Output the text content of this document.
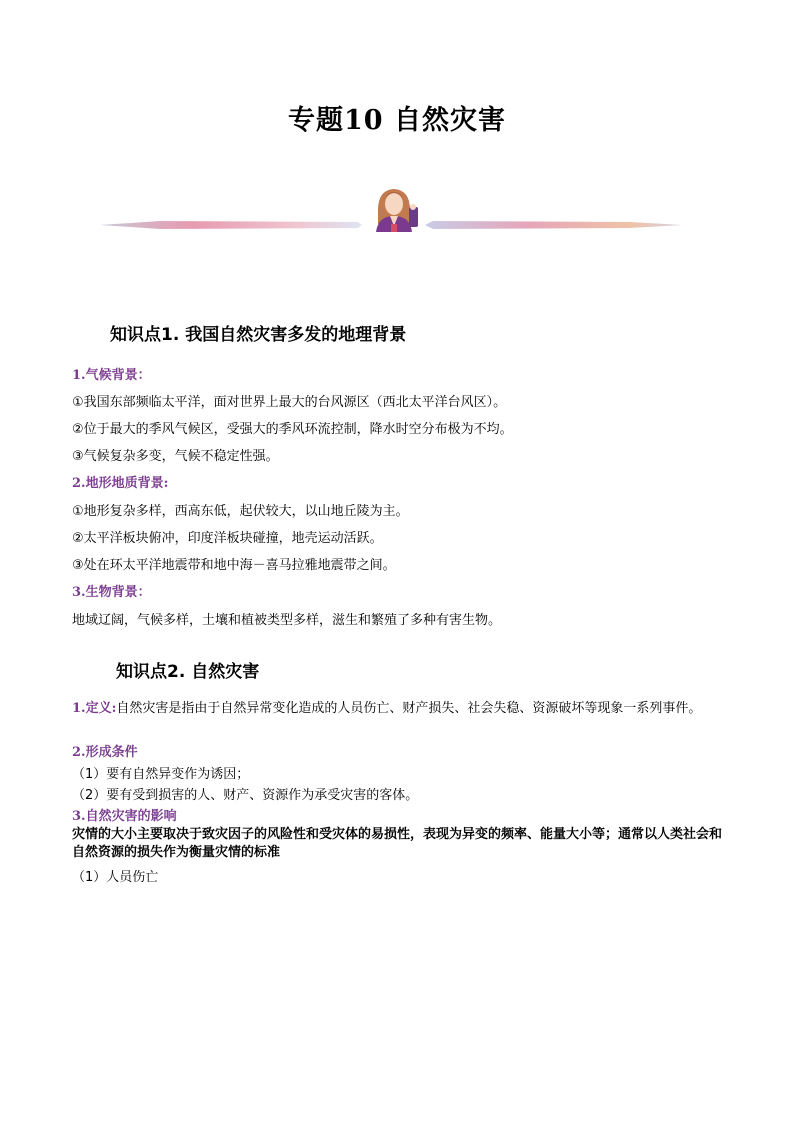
专题10 自然灾害
知识点1. 我国自然灾害多发的地理背景
1.气候背景：
①我国东部频临太平洋，面对世界上最大的台风源区（西北太平洋台风区）。
②位于最大的季风气候区，受强大的季风环流控制，降水时空分布极为不均。
③气候复杂多变，气候不稳定性强。
2.地形地质背景:
①地形复杂多样，西高东低，起伏较大，以山地丘陵为主。
②太平洋板块俯冲，印度洋板块碰撞，地壳运动活跃。
③处在环太平洋地震带和地中海－喜马拉雅地震带之间。
3.生物背景：
地域辽阔，气候多样，土壤和植被类型多样，滋生和繁殖了多种有害生物。
知识点2. 自然灾害
1.定义:自然灾害是指由于自然异常变化造成的人员伤亡、财产损失、社会失稳、资源破坏等现象一系列事件。
2.形成条件
（1）要有自然异变作为诱因；
（2）要有受到损害的人、财产、资源作为承受灾害的客体。
3.自然灾害的影响
灾情的大小主要取决于致灾因子的风险性和受灾体的易损性，表现为异变的频率、能量大小等；通常以人类社会和自然资源的损失作为衡量灾情的标准
（1）人员伤亡
